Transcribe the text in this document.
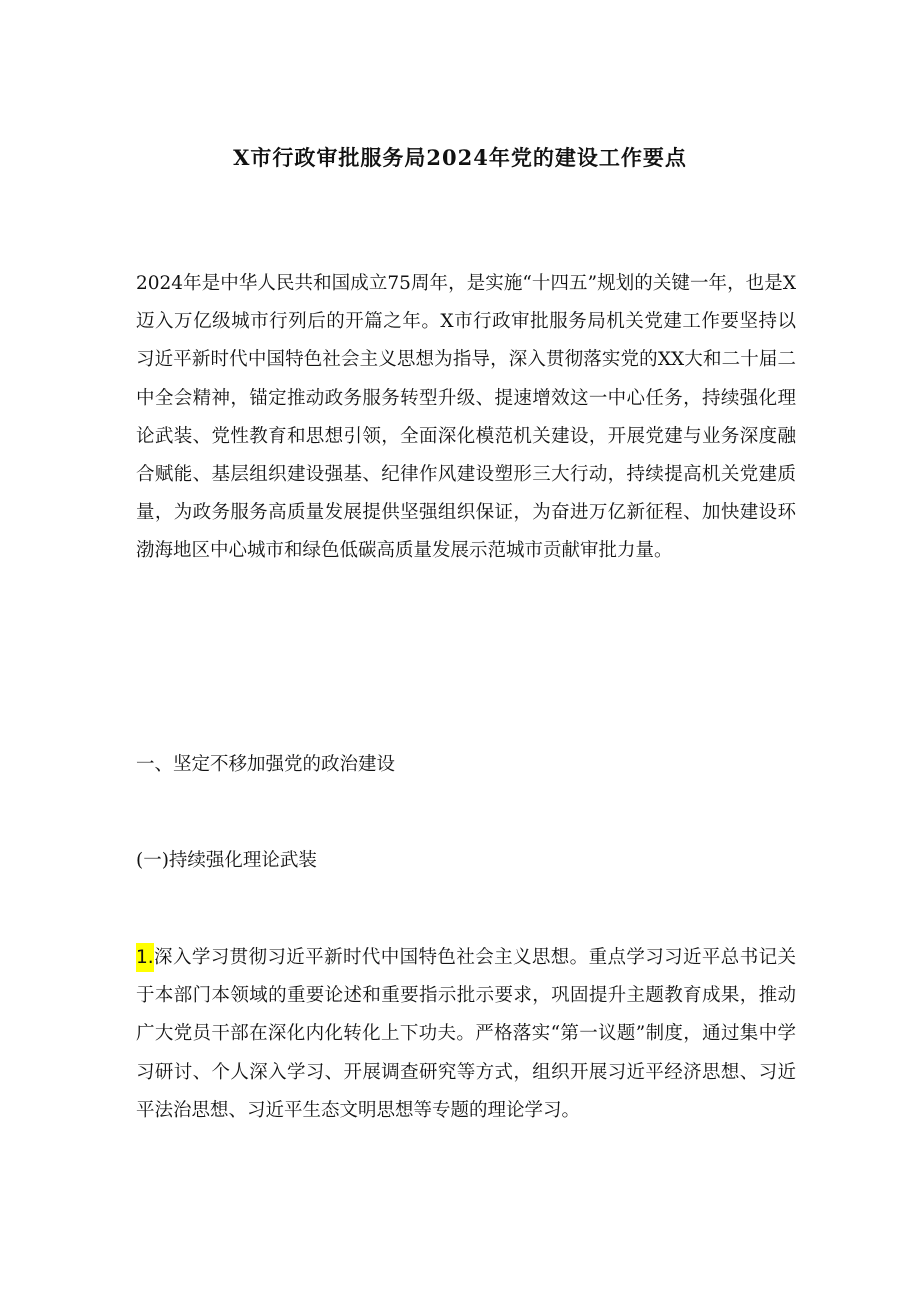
X市行政审批服务局2024年党的建设工作要点

2024年是中华人民共和国成立75周年，是实施“十四五”规划的关键一年，也是X迈入万亿级城市行列后的开篇之年。X市行政审批服务局机关党建工作要坚持以习近平新时代中国特色社会主义思想为指导，深入贯彻落实党的XX大和二十届二中全会精神，锚定推动政务服务转型升级、提速增效这一中心任务，持续强化理论武装、党性教育和思想引领，全面深化模范机关建设，开展党建与业务深度融合赋能、基层组织建设强基、纪律作风建设塑形三大行动，持续提高机关党建质量，为政务服务高质量发展提供坚强组织保证，为奋进万亿新征程、加快建设环渤海地区中心城市和绿色低碳高质量发展示范城市贡献审批力量。

一、坚定不移加强党的政治建设
(一)持续强化理论武装

1.深入学习贯彻习近平新时代中国特色社会主义思想。重点学习习近平总书记关于本部门本领域的重要论述和重要指示批示要求，巩固提升主题教育成果，推动广大党员干部在深化内化转化上下功夫。严格落实“第一议题”制度，通过集中学习研讨、个人深入学习、开展调查研究等方式，组织开展习近平经济思想、习近平法治思想、习近平生态文明思想等专题的理论学习。
